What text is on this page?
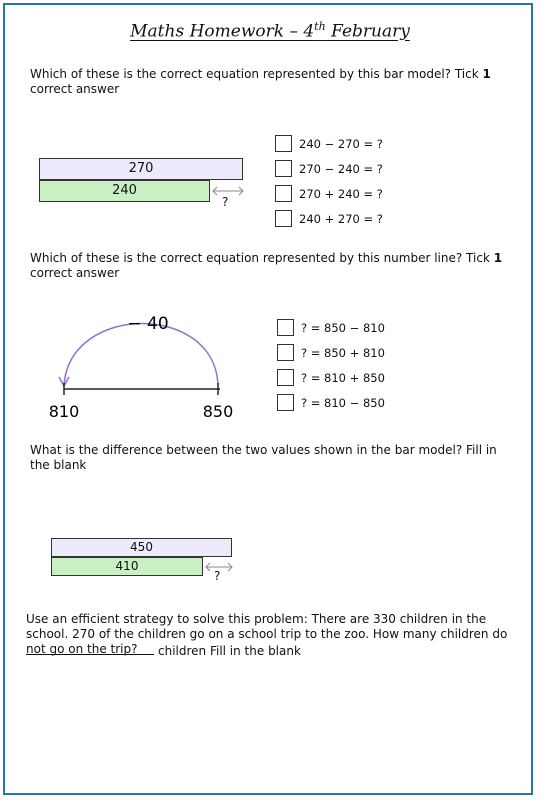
Maths Homework – 4th February
Which of these is the correct equation represented by this bar model? Tick 1 correct answer
270
240
?
240 − 270 = ?
270 − 240 = ?
270 + 240 = ?
240 + 270 = ?
Which of these is the correct equation represented by this number line? Tick 1 correct answer
− 40
810	850
? = 850 − 810
? = 850 + 810
? = 810 + 850
? = 810 − 850
What is the difference between the two values shown in the bar model? Fill in the blank
450
410
?
Use an efficient strategy to solve this problem: There are 330 children in the school. 270 of the children go on a school trip to the zoo. How many children do not go on the trip?	children Fill in the blank
